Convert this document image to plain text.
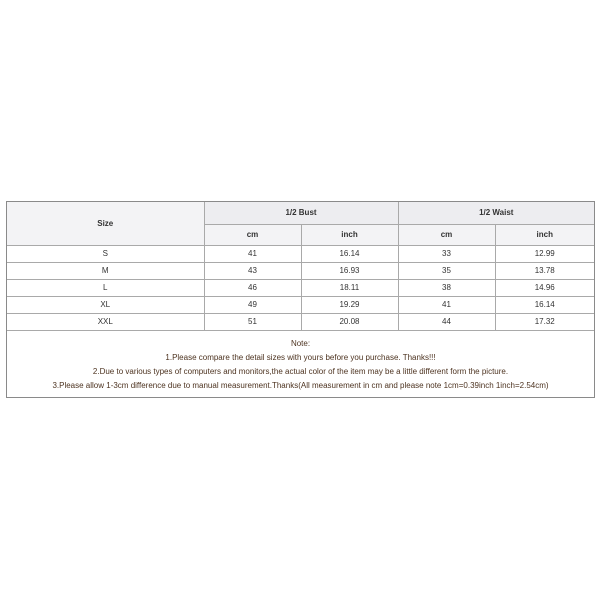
Size	1/2 Bust		1/2 Waist	
	cm	inch	cm	inch
S	41	16.14	33	12.99
M	43	16.93	35	13.78
L	46	18.11	38	14.96
XL	49	19.29	41	16.14
XXL	51	20.08	44	17.32
Note:
1.Please compare the detail sizes with yours before you purchase. Thanks!!!
2.Due to various types of computers and monitors,the actual color of the item may be a little different form the picture.
3.Please allow 1-3cm difference due to manual measurement.Thanks(All measurement in cm and please note 1cm=0.39inch 1inch=2.54cm)
